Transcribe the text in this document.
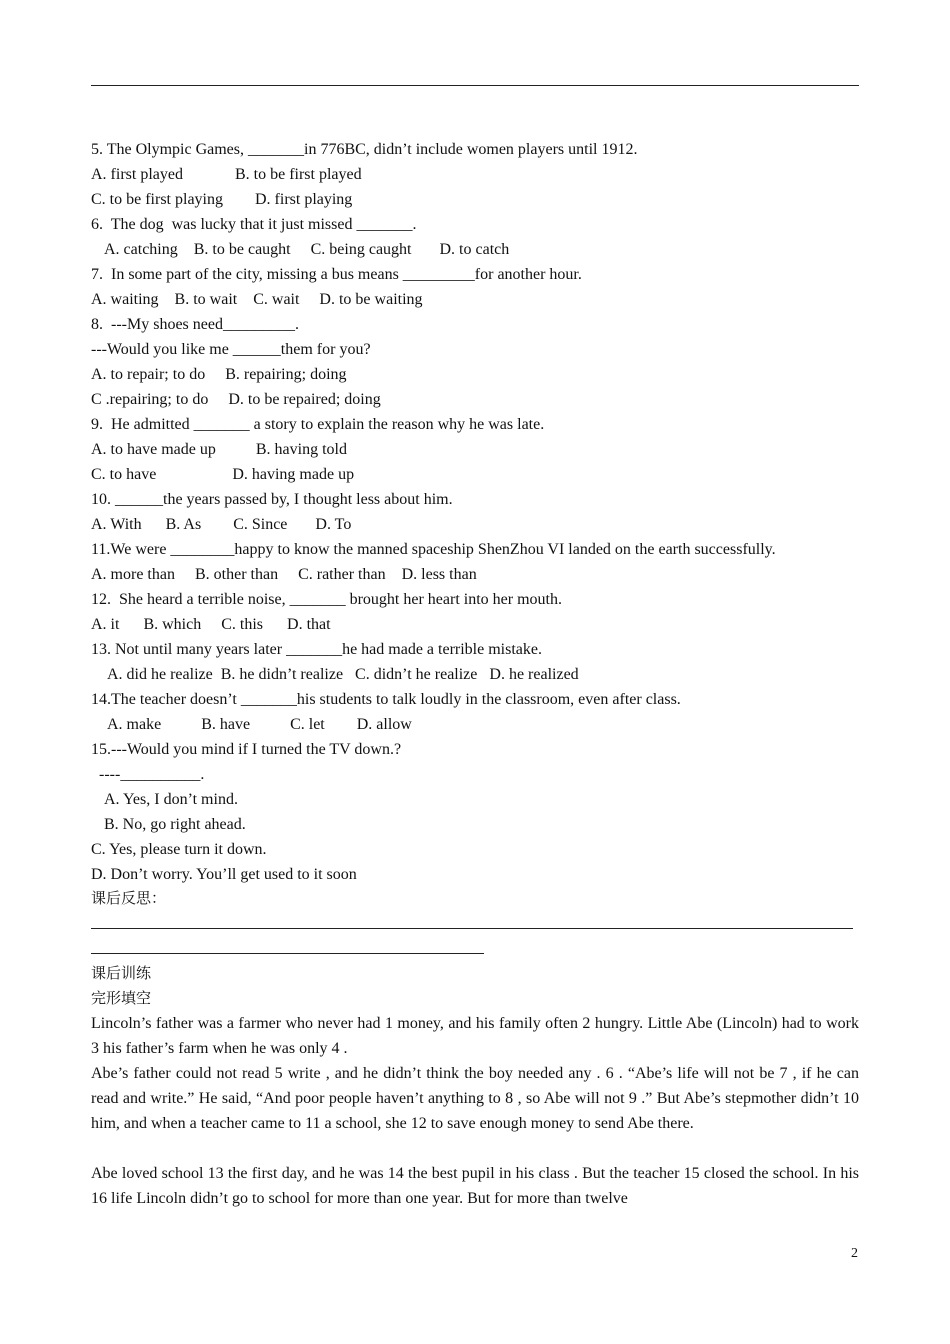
5. The Olympic Games, _______in 776BC, didn’t include women players until 1912.
A. first played             B. to be first played
C. to be first playing        D. first playing
6.  The dog  was lucky that it just missed _______.
A. catching    B. to be caught     C. being caught       D. to catch
7.  In some part of the city, missing a bus means _________for another hour.
A. waiting    B. to wait    C. wait     D. to be waiting
8.  ---My shoes need_________.
---Would you like me ______them for you?
A. to repair; to do     B. repairing; doing
C .repairing; to do     D. to be repaired; doing
9.  He admitted _______ a story to explain the reason why he was late.
A. to have made up          B. having told
C. to have                   D. having made up
10. ______the years passed by, I thought less about him.
A. With      B. As        C. Since       D. To
11.We were ________happy to know the manned spaceship ShenZhou VI landed on the earth successfully.
A. more than     B. other than     C. rather than    D. less than
12.  She heard a terrible noise, _______ brought her heart into her mouth.
A. it      B. which     C. this      D. that
13. Not until many years later _______he had made a terrible mistake.
A. did he realize  B. he didn’t realize   C. didn’t he realize   D. he realized
14.The teacher doesn’t _______his students to talk loudly in the classroom, even after class.
A. make          B. have          C. let        D. allow
15.---Would you mind if I turned the TV down.?
----__________.
A. Yes, I don’t mind.
B. No, go right ahead.
C. Yes, please turn it down.
D. Don’t worry. You’ll get used to it soon
课后反思：
课后训练
完形填空
Lincoln’s father was a farmer who never had 1 money, and his family often 2 hungry. Little Abe (Lincoln) had to work 3 his father’s farm when he was only 4 .
Abe’s father could not read 5 write , and he didn’t think the boy needed any . 6 . “Abe’s life will not be 7 , if he can read and write.” He said, “And poor people haven’t anything to 8 , so Abe will not 9 .” But Abe’s stepmother didn’t 10 him, and when a teacher came to 11 a school, she 12 to save enough money to send Abe there.
Abe loved school 13 the first day, and he was 14 the best pupil in his class . But the teacher 15 closed the school. In his 16 life Lincoln didn’t go to school for more than one year. But for more than twelve
2
